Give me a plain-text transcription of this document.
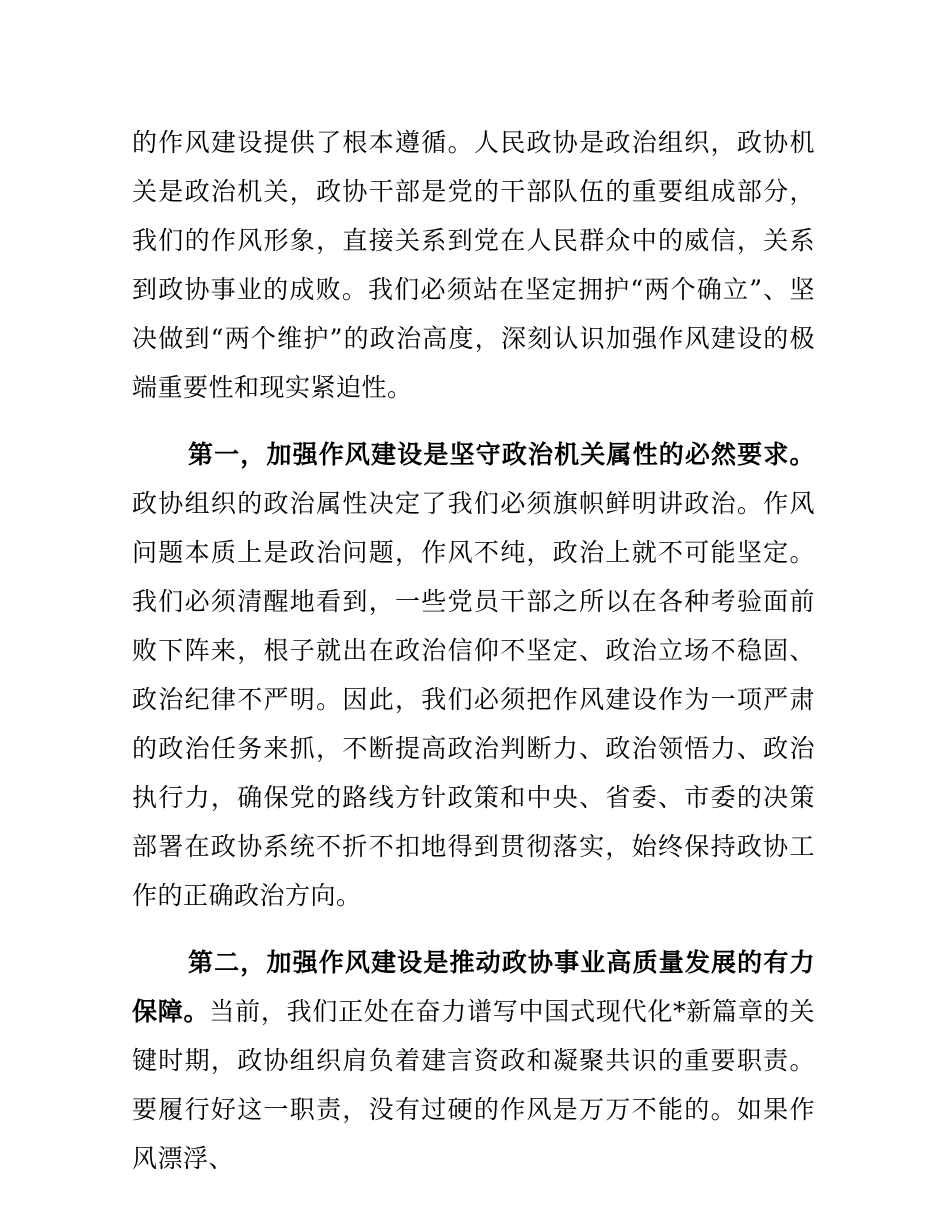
的作风建设提供了根本遵循。人民政协是政治组织，政协机关是政治机关，政协干部是党的干部队伍的重要组成部分，我们的作风形象，直接关系到党在人民群众中的威信，关系到政协事业的成败。我们必须站在坚定拥护“两个确立”、坚决做到“两个维护”的政治高度，深刻认识加强作风建设的极端重要性和现实紧迫性。

第一，加强作风建设是坚守政治机关属性的必然要求。政协组织的政治属性决定了我们必须旗帜鲜明讲政治。作风问题本质上是政治问题，作风不纯，政治上就不可能坚定。我们必须清醒地看到，一些党员干部之所以在各种考验面前败下阵来，根子就出在政治信仰不坚定、政治立场不稳固、政治纪律不严明。因此，我们必须把作风建设作为一项严肃的政治任务来抓，不断提高政治判断力、政治领悟力、政治执行力，确保党的路线方针政策和中央、省委、市委的决策部署在政协系统不折不扣地得到贯彻落实，始终保持政协工作的正确政治方向。

第二，加强作风建设是推动政协事业高质量发展的有力保障。当前，我们正处在奋力谱写中国式现代化*新篇章的关键时期，政协组织肩负着建言资政和凝聚共识的重要职责。要履行好这一职责，没有过硬的作风是万万不能的。如果作风漂浮、
